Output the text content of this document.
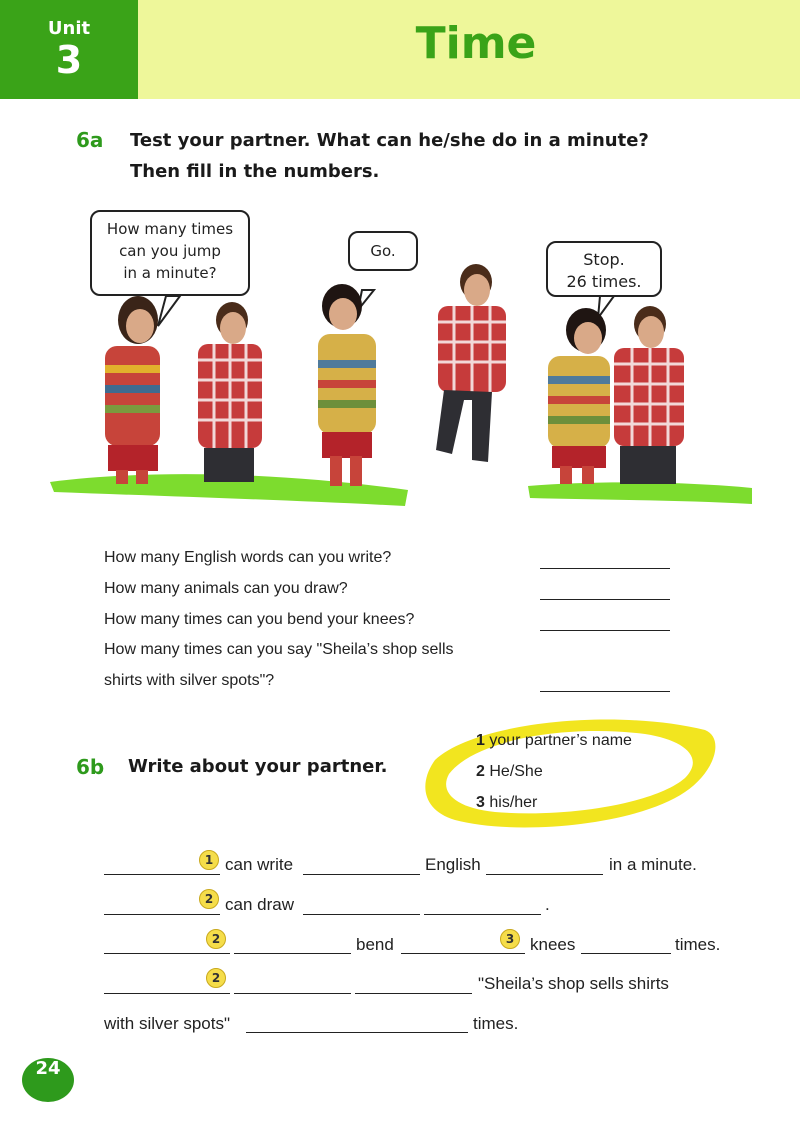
Unit
3	Time
6a Test your partner. What can he/she do in a minute?
Then fill in the numbers.
How many times
can you jump
in a minute?
Go.	Stop.
26 times.
How many English words can you write?
How many animals can you draw?
How many times can you bend your knees?
How many times can you say "Sheila’s shop sells
shirts with silver spots"?
6b Write about your partner.
1 your partner’s name
2 He/She
3 his/her
1 can write	English	in a minute.
2 can draw	.
2	bend	3 knees	times.
2	"Sheila’s shop sells shirts
with silver spots"	times.
24
